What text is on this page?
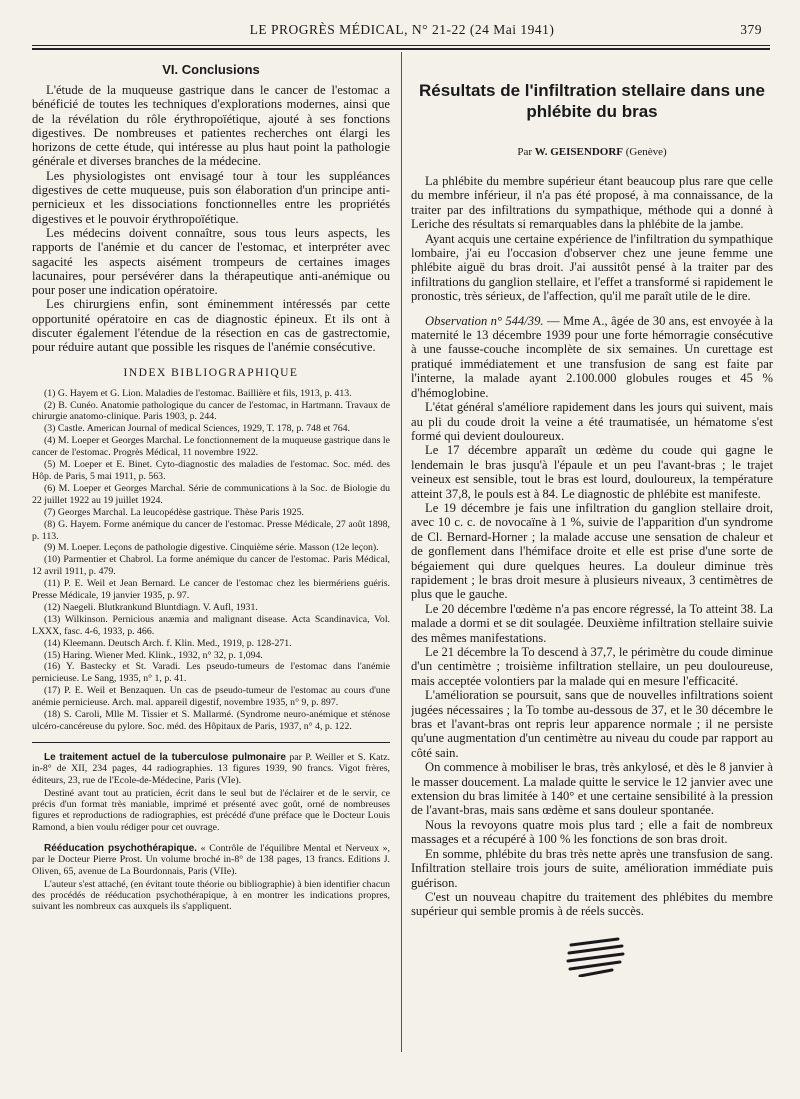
LE PROGRÈS MÉDICAL, N° 21-22 (24 Mai 1941)	379
VI. Conclusions

L'étude de la muqueuse gastrique dans le cancer de l'estomac a bénéficié de toutes les techniques d'explorations modernes, ainsi que de la révélation du rôle érythropoïétique, ajouté à ses fonctions digestives. De nombreuses et patientes recherches ont élargi les horizons de cette étude, qui intéresse au plus haut point la pathologie générale et diverses branches de la médecine.

Les physiologistes ont envisagé tour à tour les suppléances digestives de cette muqueuse, puis son élaboration d'un principe anti-pernicieux et les dissociations fonctionnelles entre les propriétés digestives et le pouvoir érythropoïétique.

Les médecins doivent connaître, sous tous leurs aspects, les rapports de l'anémie et du cancer de l'estomac, et interpréter avec sagacité les aspects aisément trompeurs de certaines images lacunaires, pour persévérer dans la thérapeutique anti-anémique ou pour poser une indication opératoire.

Les chirurgiens enfin, sont éminemment intéressés par cette opportunité opératoire en cas de diagnostic épineux. Et ils ont à discuter également l'étendue de la résection en cas de gastrectomie, pour réduire autant que possible les risques de l'anémie consécutive.

INDEX BIBLIOGRAPHIQUE

(1) G. Hayem et G. Lion. Maladies de l'estomac. Baillière et fils, 1913, p. 413.

(2) B. Cunéo. Anatomie pathologique du cancer de l'estomac, in Hartmann. Travaux de chirurgie anatomo-clinique. Paris 1903, p. 244.

(3) Castle. American Journal of medical Sciences, 1929, T. 178, p. 748 et 764.

(4) M. Loeper et Georges Marchal. Le fonctionnement de la muqueuse gastrique dans le cancer de l'estomac. Progrès Médical, 11 novembre 1922.

(5) M. Loeper et E. Binet. Cyto-diagnostic des maladies de l'estomac. Soc. méd. des Hôp. de Paris, 5 mai 1911, p. 563.

(6) M. Loeper et Georges Marchal. Série de communications à la Soc. de Biologie du 22 juillet 1922 au 19 juillet 1924.

(7) Georges Marchal. La leucopédèse gastrique. Thèse Paris 1925.

(8) G. Hayem. Forme anémique du cancer de l'estomac. Presse Médicale, 27 août 1898, p. 113.

(9) M. Loeper. Leçons de pathologie digestive. Cinquième série. Masson (12e leçon).

(10) Parmentier et Chabrol. La forme anémique du cancer de l'estomac. Paris Médical, 12 avril 1911, p. 479.

(11) P. E. Weil et Jean Bernard. Le cancer de l'estomac chez les biermériens guéris. Presse Médicale, 19 janvier 1935, p. 97.

(12) Naegeli. Blutkrankund Bluntdiagn. V. Aufl, 1931.

(13) Wilkinson. Pernicious anæmia and malignant disease. Acta Scandinavica, Vol. LXXX, fasc. 4-6, 1933, p. 466.

(14) Kleemann. Deutsch Arch. f. Klin. Med., 1919, p. 128-271.

(15) Haring. Wiener Med. Klink., 1932, n° 32, p. 1,094.

(16) Y. Bastecky et St. Varadi. Les pseudo-tumeurs de l'estomac dans l'anémie pernicieuse. Le Sang, 1935, n° 1, p. 41.

(17) P. E. Weil et Benzaquen. Un cas de pseudo-tumeur de l'estomac au cours d'une anémie pernicieuse. Arch. mal. appareil digestif, novembre 1935, n° 9, p. 897.

(18) S. Caroli, Mlle M. Tissier et S. Mallarmé. (Syndrome neuro-anémique et sténose ulcéro-cancéreuse du pylore. Soc. méd. des Hôpitaux de Paris, 1937, n° 4, p. 122.

Le traitement actuel de la tuberculose pulmonaire par P. Weiller et S. Katz. in-8° de XII, 234 pages, 44 radiographies. 13 figures 1939, 90 francs. Vigot frères, éditeurs, 23, rue de l'Ecole-de-Médecine, Paris (VIe).

Destiné avant tout au praticien, écrit dans le seul but de l'éclairer et de le servir, ce précis d'un format très maniable, imprimé et présenté avec goût, orné de nombreuses figures et reproductions de radiographies, est précédé d'une préface que le Docteur Louis Ramond, a bien voulu rédiger pour cet ouvrage.

Rééducation psychothérapique. « Contrôle de l'équilibre Mental et Nerveux », par le Docteur Pierre Prost. Un volume broché in-8° de 138 pages, 13 francs. Editions J. Oliven, 65, avenue de La Bourdonnais, Paris (VIIe).

L'auteur s'est attaché, (en évitant toute théorie ou bibliographie) à bien identifier chacun des procédés de rééducation psychothérapique, à en montrer les indications propres, suivant les nombreux cas auxquels ils s'appliquent.

Résultats de l'infiltration stellaire dans une phlébite du bras
Par W. GEISENDORF (Genève)

La phlébite du membre supérieur étant beaucoup plus rare que celle du membre inférieur, il n'a pas été proposé, à ma connaissance, de la traiter par des infiltrations du sympathique, méthode qui a donné à Leriche des résultats si remarquables dans la phlébite de la jambe.

Ayant acquis une certaine expérience de l'infiltration du sympathique lombaire, j'ai eu l'occasion d'observer chez une jeune femme une phlébite aiguë du bras droit. J'ai aussitôt pensé à la traiter par des infiltrations du ganglion stellaire, et l'effet a transformé si rapidement le pronostic, très sérieux, de l'affection, qu'il me paraît utile de le dire.

Observation n° 544/39. — Mme A., âgée de 30 ans, est envoyée à la maternité le 13 décembre 1939 pour une forte hémorragie consécutive à une fausse-couche incomplète de six semaines. Un curettage est pratiqué immédiatement et une transfusion de sang est faite par l'interne, la malade ayant 2.100.000 globules rouges et 45 % d'hémoglobine.

L'état général s'améliore rapidement dans les jours qui suivent, mais au pli du coude droit la veine a été traumatisée, un hématome s'est formé qui devient douloureux.

Le 17 décembre apparaît un œdème du coude qui gagne le lendemain le bras jusqu'à l'épaule et un peu l'avant-bras ; le trajet veineux est sensible, tout le bras est lourd, douloureux, la température atteint 37,8, le pouls est à 84. Le diagnostic de phlébite est manifeste.

Le 19 décembre je fais une infiltration du ganglion stellaire droit, avec 10 c. c. de novocaïne à 1 %, suivie de l'apparition d'un syndrome de Cl. Bernard-Horner ; la malade accuse une sensation de chaleur et de gonflement dans l'hémiface droite et elle est prise d'une sorte de bégaiement qui dure quelques heures. La douleur diminue très rapidement ; le bras droit mesure à plusieurs niveaux, 3 centimètres de plus que le gauche.

Le 20 décembre l'œdème n'a pas encore régressé, la To atteint 38. La malade a dormi et se dit soulagée. Deuxième infiltration stellaire suivie des mêmes manifestations.

Le 21 décembre la To descend à 37,7, le périmètre du coude diminue d'un centimètre ; troisième infiltration stellaire, un peu douloureuse, mais acceptée volontiers par la malade qui en mesure l'efficacité.

L'amélioration se poursuit, sans que de nouvelles infiltrations soient jugées nécessaires ; la To tombe au-dessous de 37, et le 30 décembre le bras et l'avant-bras ont repris leur apparence normale ; il ne persiste qu'une augmentation d'un centimètre au niveau du coude par rapport au côté sain.

On commence à mobiliser le bras, très ankylosé, et dès le 8 janvier à le masser doucement. La malade quitte le service le 12 janvier avec une extension du bras limitée à 140° et une certaine sensibilité à la pression de l'avant-bras, mais sans œdème et sans douleur spontanée.

Nous la revoyons quatre mois plus tard ; elle a fait de nombreux massages et a récupéré à 100 % les fonctions de son bras droit.

En somme, phlébite du bras très nette après une transfusion de sang. Infiltration stellaire trois jours de suite, amélioration immédiate puis guérison.

C'est un nouveau chapitre du traitement des phlébites du membre supérieur qui semble promis à de réels succès.
